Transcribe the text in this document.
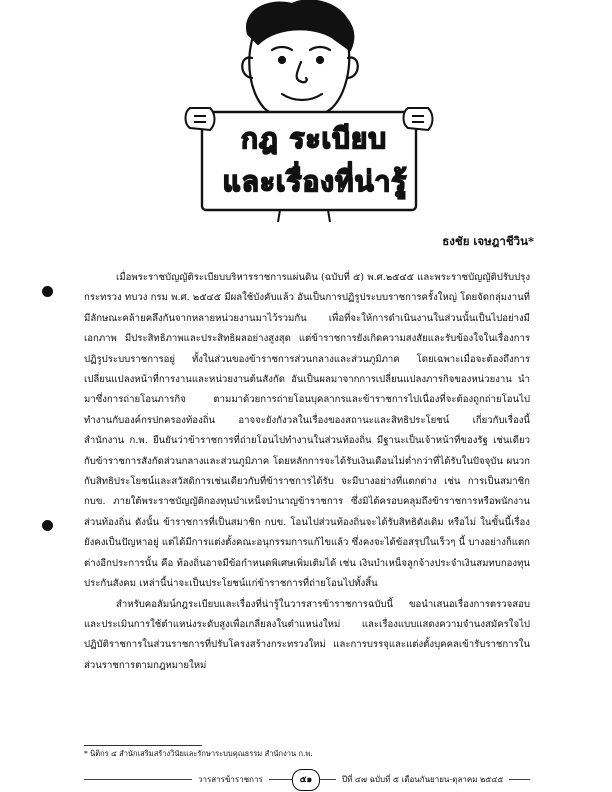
กฎ ระเบียบ
และเรื่องที่น่ารู้
ธงชัย เจษฎาชีวิน*

เมื่อพระราชบัญญัติระเบียบบริหารราชการแผ่นดิน (ฉบับที่ ๕) พ.ศ.๒๕๔๕ และพระราชบัญญัติปรับปรุงกระทรวง ทบวง กรม พ.ศ. ๒๕๔๕ มีผลใช้บังคับแล้ว อันเป็นการปฏิรูประบบราชการครั้งใหญ่ โดยจัดกลุ่มงานที่มีลักษณะคล้ายคลึงกันจากหลายหน่วยงานมาไว้รวมกัน เพื่อที่จะให้การดำเนินงานในส่วนนั้นเป็นไปอย่างมีเอกภาพ มีประสิทธิภาพและประสิทธิผลอย่างสูงสุด แต่ข้าราชการยังเกิดความสงสัยและรับข้องใจในเรื่องการปฏิรูประบบราชการอยู่ ทั้งในส่วนของข้าราชการส่วนกลางและส่วนภูมิภาค โดยเฉพาะเมื่อจะต้องถึงการเปลี่ยนแปลงหน้าที่การงานและหน่วยงานต้นสังกัด อันเป็นผลมาจากการเปลี่ยนแปลงภารกิจของหน่วยงาน นำมาซึ่งการถ่ายโอนภารกิจ ตามมาด้วยการถ่ายโอนบุคลากรและข้าราชการไปเนื่องที่จะต้องถูกถ่ายโอนไปทำงานกับองค์กรปกครองท้องถิ่น อาจจะยังกังวลในเรื่องของสถานะและสิทธิประโยชน์ เกี่ยวกับเรื่องนี้ สำนักงาน ก.พ. ยืนยันว่าข้าราชการที่ถ่ายโอนไปทำงานในส่วนท้องถิ่น มีฐานะเป็นเจ้าหน้าที่ของรัฐ เช่นเดียวกับข้าราชการสังกัดส่วนกลางและส่วนภูมิภาค โดยหลักการจะได้รับเงินเดือนไม่ต่ำกว่าที่ได้รับในปัจจุบัน ผนวกกับสิทธิประโยชน์และสวัสดิการเช่นเดียวกับที่ข้าราชการได้รับ จะมีบางอย่างที่แตกต่าง เช่น การเป็นสมาชิก กบข. ภายใต้พระราชบัญญัติกองทุนบำเหน็จบำนาญข้าราชการ ซึ่งมิได้ครอบคลุมถึงข้าราชการหรือพนักงานส่วนท้องถิ่น ดังนั้น ข้าราชการที่เป็นสมาชิก กบข. โอนไปส่วนท้องถิ่นจะได้รับสิทธิดังเดิม หรือไม่ ในขั้นนี้เรื่องยังคงเป็นปัญหาอยู่ แต่ได้มีการแต่งตั้งคณะอนุกรรมการแก้ไขแล้ว ซึ่งคงจะได้ข้อสรุปในเร็วๆ นี้ บางอย่างก็แตกต่างอีกประการนั้น คือ ท้องถิ่นอาจมีข้อกำหนดพิเศษเพิ่มเติมได้ เช่น เงินบำเหน็จลูกจ้างประจำเงินสมทบกองทุนประกันสังคม เหล่านี้น่าจะเป็นประโยชน์แก่ข้าราชการที่ถ่ายโอนไปทั้งสิ้น

สำหรับคอลัมน์กฎระเบียบและเรื่องที่น่ารู้ในวารสารข้าราชการฉบับนี้ ขอนำเสนอเรื่องการตรวจสอบและประเมินการใช้ตำแหน่งระดับสูงเพื่อเกลี่ยลงในตำแหน่งใหม่ และเรื่องแบบแสดงความจำนงสมัครใจไปปฏิบัติราชการในส่วนราชการที่ปรับโครงสร้างกระทรวงใหม่ และการบรรจุและแต่งตั้งบุคคลเข้ารับราชการในส่วนราชการตามกฎหมายใหม่

* นิติกร ๔ สำนักเสริมสร้างวินัยและรักษาระบบคุณธรรม สำนักงาน ก.พ.
วารสารข้าราชการ	๕๑	ปีที่ ๔๗ ฉบับที่ ๕ เดือนกันยายน-ตุลาคม ๒๕๔๕
